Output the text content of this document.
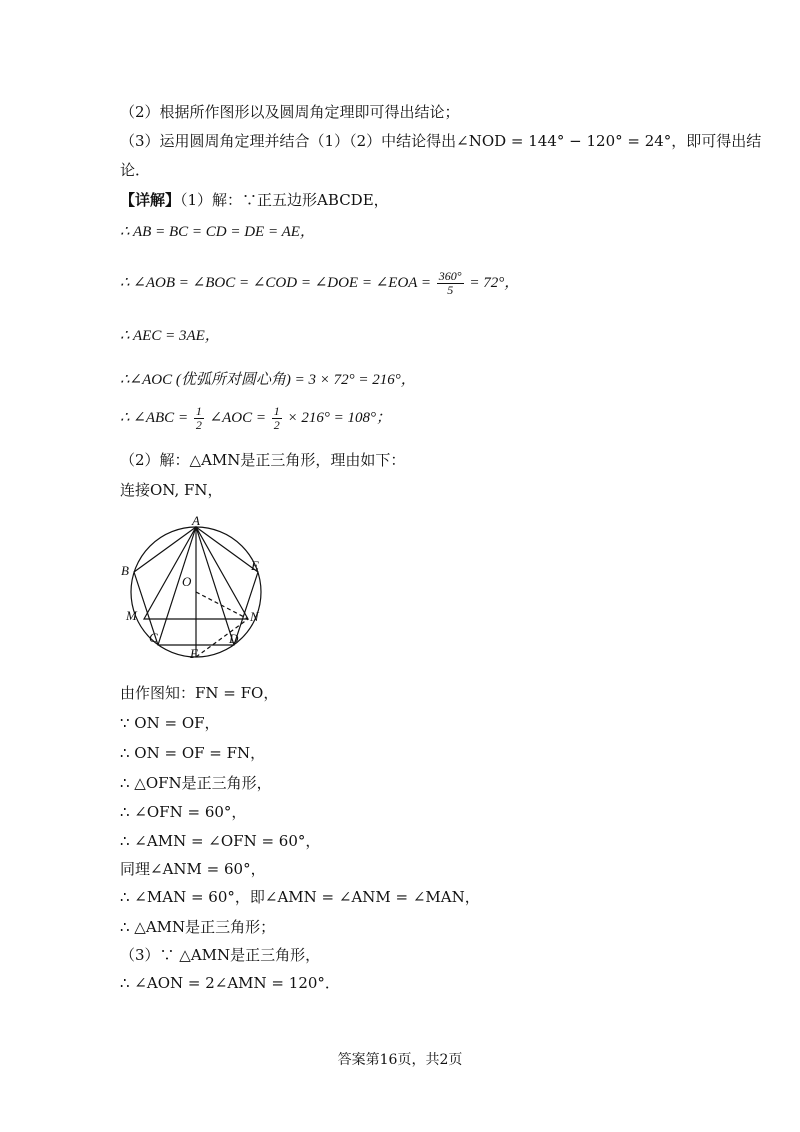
（2）根据所作图形以及圆周角定理即可得出结论；
（3）运用圆周角定理并结合（1）（2）中结论得出∠NOD = 144° − 120° = 24°，即可得出结
论．
【详解】（1）解：∵正五边形ABCDE，
∴ AB = BC = CD = DE = AE，
∴ ∠AOB = ∠BOC = ∠COD = ∠DOE = ∠EOA = $\frac{360^\circ}{5} = 72^\circ$，
∴ AEC = 3AE，
∴∠AOC (优弧所对圆心角) = 3 × 72° = 216°，
∴ ∠ABC = $\frac{1}{2}$ ∠AOC = $\frac{1}{2} \times 216^\circ = 108^\circ$；
（2）解：△AMN是正三角形，理由如下：
连接ON, FN，
A
B
C	D
E
F
M	N
O
由作图知：FN = FO，
∵ ON = OF，
∴ ON = OF = FN，
∴ △OFN是正三角形，
∴ ∠OFN = 60°，
∴ ∠AMN = ∠OFN = 60°，
同理∠ANM = 60°，
∴ ∠MAN = 60°，即∠AMN = ∠ANM = ∠MAN，
∴ △AMN是正三角形；
（3）∵ △AMN是正三角形，
∴ ∠AON = 2∠AMN = 120°．
答案第16页，共2页
